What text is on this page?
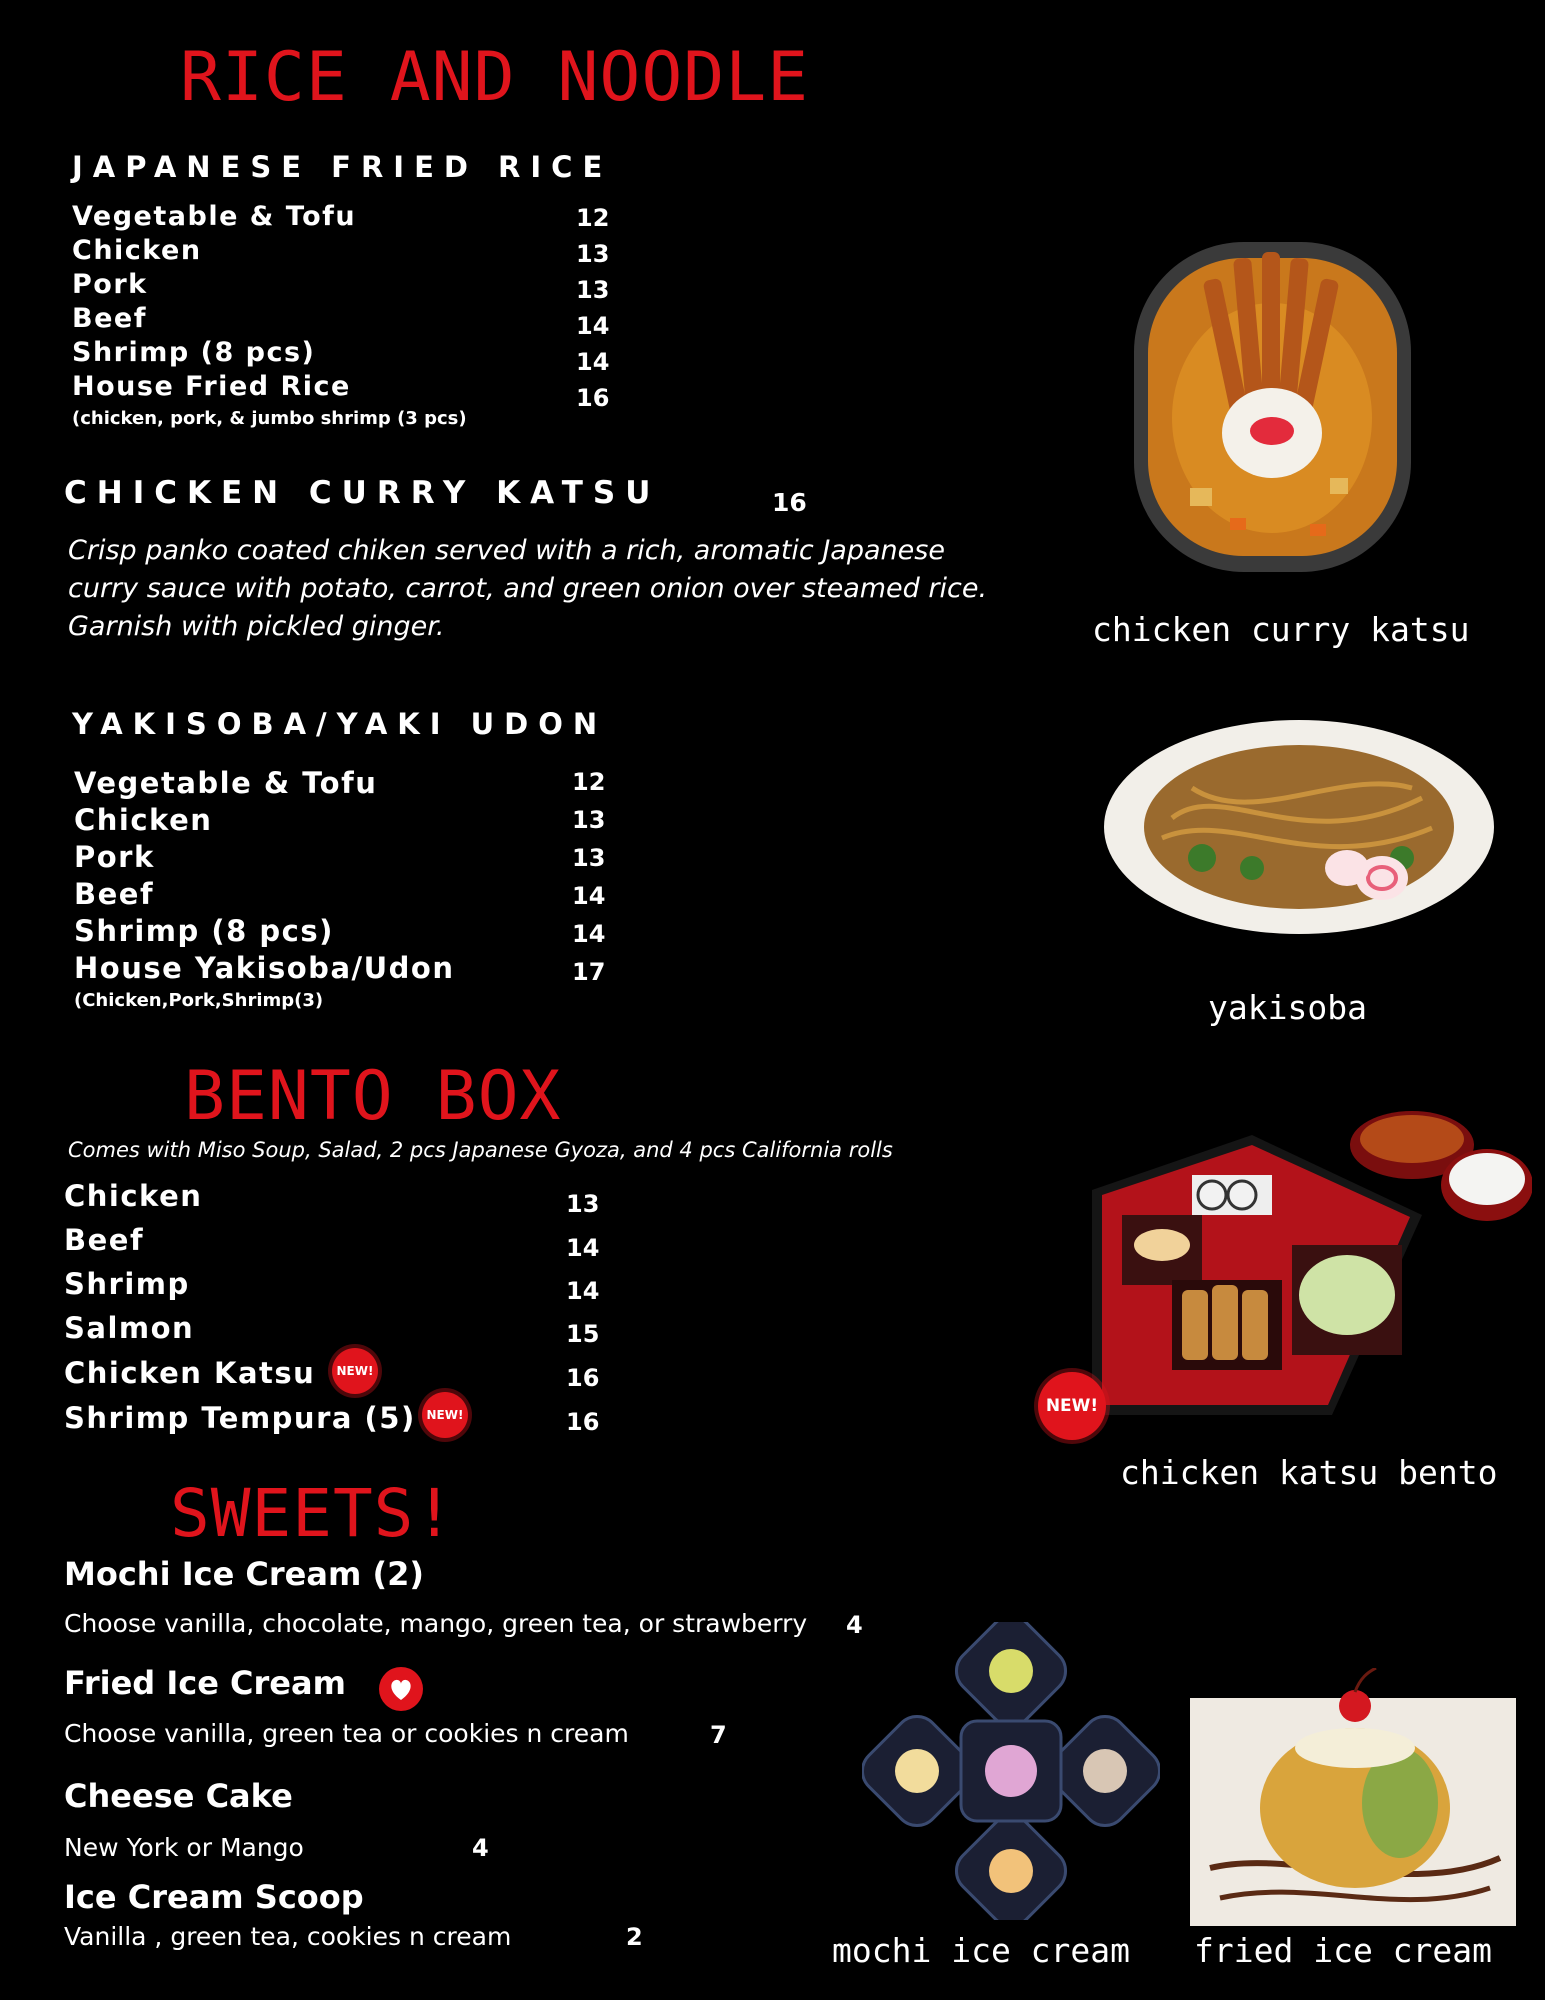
RICE AND NOODLE
JAPANESE FRIED RICE
Vegetable & Tofu	12
Chicken	13
Pork	13
Beef	14
Shrimp (8 pcs)	14
House Fried Rice	16
(chicken, pork, & jumbo shrimp (3 pcs)
CHICKEN CURRY KATSU	16
Crisp panko coated chiken served with a rich, aromatic Japanese curry sauce with potato, carrot, and green onion over steamed rice. Garnish with pickled ginger.
YAKISOBA/YAKI UDON
Vegetable & Tofu	12
Chicken	13
Pork	13
Beef	14
Shrimp (8 pcs)	14
House Yakisoba/Udon	17
(Chicken,Pork,Shrimp(3)
BENTO BOX
Comes with Miso Soup, Salad, 2 pcs Japanese Gyoza, and 4 pcs California rolls
Chicken	13
Beef	14
Shrimp	14
Salmon	15
Chicken Katsu	16
Shrimp Tempura (5)	16
NEW!
NEW!
SWEETS!
Mochi Ice Cream (2)
Choose vanilla, chocolate, mango, green tea, or strawberry 4
Fried Ice Cream
Choose vanilla, green tea or cookies n cream	7
Cheese Cake
New York or Mango	4
Ice Cream Scoop
Vanilla , green tea, cookies n cream	2
chicken curry katsu
yakisoba
NEW!
chicken katsu bento
mochi ice cream fried ice cream
